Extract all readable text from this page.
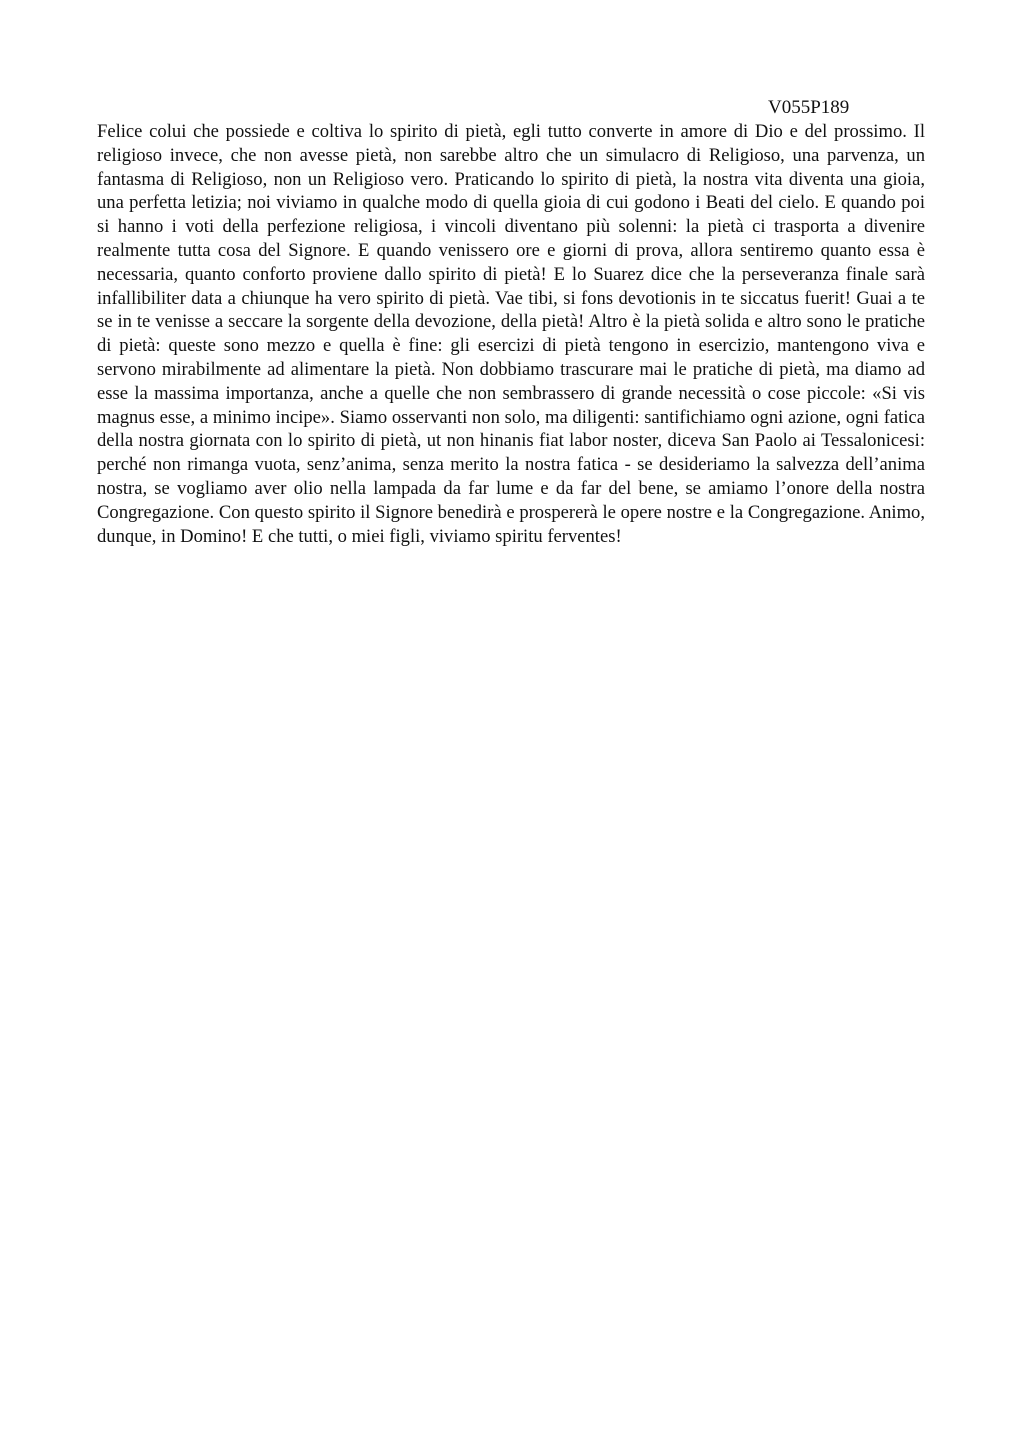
V055P189

Felice colui che possiede e coltiva lo spirito di pietà, egli tutto converte in amore di Dio e del prossimo. Il religioso invece, che non avesse pietà, non sarebbe altro che un simulacro di Religioso, una parvenza, un fantasma di Religioso, non un Religioso vero. Praticando lo spirito di pietà, la nostra vita diventa una gioia, una perfetta letizia; noi viviamo in qualche modo di quella gioia di cui godono i Beati del cielo. E quando poi si hanno i voti della perfezione religiosa, i vincoli diventano più solenni: la pietà ci trasporta a divenire realmente tutta cosa del Signore. E quando venissero ore e giorni di prova, allora sentiremo quanto essa è necessaria, quanto conforto proviene dallo spirito di pietà! E lo Suarez dice che la perseveranza finale sarà infallibiliter data a chiunque ha vero spirito di pietà. Vae tibi, si fons devotionis in te siccatus fuerit! Guai a te se in te venisse a seccare la sorgente della devozione, della pietà! Altro è la pietà solida e altro sono le pratiche di pietà: queste sono mezzo e quella è fine: gli esercizi di pietà tengono in esercizio, mantengono viva e servono mirabilmente ad alimentare la pietà. Non dobbiamo trascurare mai le pratiche di pietà, ma diamo ad esse la massima importanza, anche a quelle che non sembrassero di grande necessità o cose piccole: «Si vis magnus esse, a minimo incipe». Siamo osservanti non solo, ma diligenti: santifichiamo ogni azione, ogni fatica della nostra giornata con lo spirito di pietà, ut non hinanis fiat labor noster, diceva San Paolo ai Tessalonicesi: perché non rimanga vuota, senz’anima, senza merito la nostra fatica - se desideriamo la salvezza dell’anima nostra, se vogliamo aver olio nella lampada da far lume e da far del bene, se amiamo l’onore della nostra Congregazione. Con questo spirito il Signore benedirà e prospererà le opere nostre e la Congregazione. Animo, dunque, in Domino! E che tutti, o miei figli, viviamo spiritu ferventes!
